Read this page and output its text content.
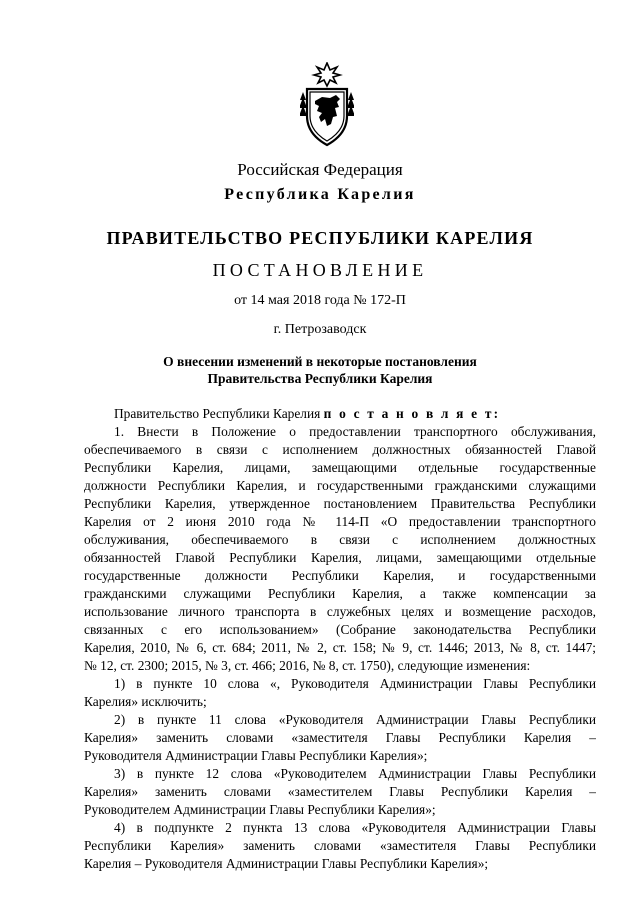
Российская Федерация
Республика Карелия
ПРАВИТЕЛЬСТВО РЕСПУБЛИКИ КАРЕЛИЯ
ПОСТАНОВЛЕНИЕ
от 14 мая 2018 года № 172-П
г. Петрозаводск
О внесении изменений в некоторые постановления
Правительства Республики Карелия
Правительство Республики Карелия п о с т а н о в л я е т:
1. Внести в Положение о предоставлении транспортного обслуживания,
обеспечиваемого в связи с исполнением должностных обязанностей Главой
Республики Карелия, лицами, замещающими отдельные государственные
должности Республики Карелия, и государственными гражданскими служащими
Республики Карелия, утвержденное постановлением Правительства Республики
Карелия от 2 июня 2010 года № 114-П «О предоставлении транспортного
обслуживания, обеспечиваемого в связи с исполнением должностных
обязанностей Главой Республики Карелия, лицами, замещающими отдельные
государственные должности Республики Карелия, и государственными
гражданскими служащими Республики Карелия, а также компенсации за
использование личного транспорта в служебных целях и возмещение расходов,
связанных с его использованием» (Собрание законодательства Республики
Карелия, 2010, № 6, ст. 684; 2011, № 2, ст. 158; № 9, ст. 1446; 2013, № 8, ст. 1447;
№ 12, ст. 2300; 2015, № 3, ст. 466; 2016, № 8, ст. 1750), следующие изменения:
1) в пункте 10 слова «, Руководителя Администрации Главы Республики
Карелия» исключить;
2) в пункте 11 слова «Руководителя Администрации Главы Республики
Карелия» заменить словами «заместителя Главы Республики Карелия –
Руководителя Администрации Главы Республики Карелия»;
3) в пункте 12 слова «Руководителем Администрации Главы Республики
Карелия» заменить словами «заместителем Главы Республики Карелия –
Руководителем Администрации Главы Республики Карелия»;
4) в подпункте 2 пункта 13 слова «Руководителя Администрации Главы
Республики Карелия» заменить словами «заместителя Главы Республики
Карелия – Руководителя Администрации Главы Республики Карелия»;
